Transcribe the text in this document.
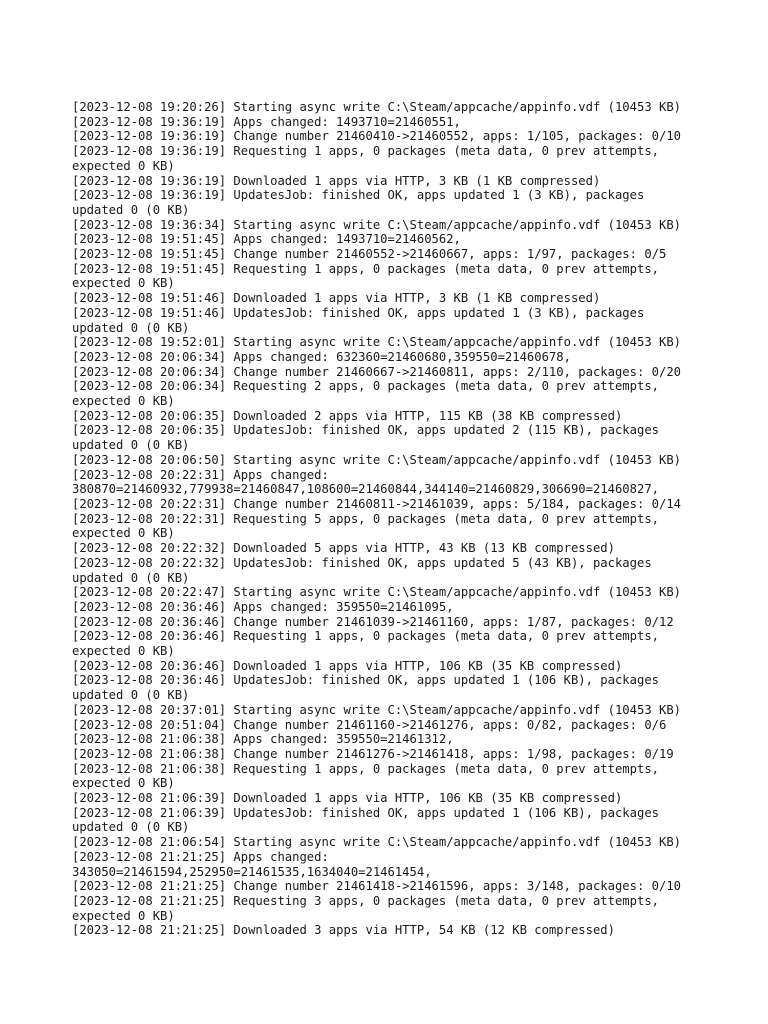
[2023-12-08 19:20:26] Starting async write C:\Steam/appcache/appinfo.vdf (10453 KB)
[2023-12-08 19:36:19] Apps changed: 1493710=21460551,
[2023-12-08 19:36:19] Change number 21460410->21460552, apps: 1/105, packages: 0/10
[2023-12-08 19:36:19] Requesting 1 apps, 0 packages (meta data, 0 prev attempts,
expected 0 KB)
[2023-12-08 19:36:19] Downloaded 1 apps via HTTP, 3 KB (1 KB compressed)
[2023-12-08 19:36:19] UpdatesJob: finished OK, apps updated 1 (3 KB), packages
updated 0 (0 KB)
[2023-12-08 19:36:34] Starting async write C:\Steam/appcache/appinfo.vdf (10453 KB)
[2023-12-08 19:51:45] Apps changed: 1493710=21460562,
[2023-12-08 19:51:45] Change number 21460552->21460667, apps: 1/97, packages: 0/5
[2023-12-08 19:51:45] Requesting 1 apps, 0 packages (meta data, 0 prev attempts,
expected 0 KB)
[2023-12-08 19:51:46] Downloaded 1 apps via HTTP, 3 KB (1 KB compressed)
[2023-12-08 19:51:46] UpdatesJob: finished OK, apps updated 1 (3 KB), packages
updated 0 (0 KB)
[2023-12-08 19:52:01] Starting async write C:\Steam/appcache/appinfo.vdf (10453 KB)
[2023-12-08 20:06:34] Apps changed: 632360=21460680,359550=21460678,
[2023-12-08 20:06:34] Change number 21460667->21460811, apps: 2/110, packages: 0/20
[2023-12-08 20:06:34] Requesting 2 apps, 0 packages (meta data, 0 prev attempts,
expected 0 KB)
[2023-12-08 20:06:35] Downloaded 2 apps via HTTP, 115 KB (38 KB compressed)
[2023-12-08 20:06:35] UpdatesJob: finished OK, apps updated 2 (115 KB), packages
updated 0 (0 KB)
[2023-12-08 20:06:50] Starting async write C:\Steam/appcache/appinfo.vdf (10453 KB)
[2023-12-08 20:22:31] Apps changed:
380870=21460932,779938=21460847,108600=21460844,344140=21460829,306690=21460827,
[2023-12-08 20:22:31] Change number 21460811->21461039, apps: 5/184, packages: 0/14
[2023-12-08 20:22:31] Requesting 5 apps, 0 packages (meta data, 0 prev attempts,
expected 0 KB)
[2023-12-08 20:22:32] Downloaded 5 apps via HTTP, 43 KB (13 KB compressed)
[2023-12-08 20:22:32] UpdatesJob: finished OK, apps updated 5 (43 KB), packages
updated 0 (0 KB)
[2023-12-08 20:22:47] Starting async write C:\Steam/appcache/appinfo.vdf (10453 KB)
[2023-12-08 20:36:46] Apps changed: 359550=21461095,
[2023-12-08 20:36:46] Change number 21461039->21461160, apps: 1/87, packages: 0/12
[2023-12-08 20:36:46] Requesting 1 apps, 0 packages (meta data, 0 prev attempts,
expected 0 KB)
[2023-12-08 20:36:46] Downloaded 1 apps via HTTP, 106 KB (35 KB compressed)
[2023-12-08 20:36:46] UpdatesJob: finished OK, apps updated 1 (106 KB), packages
updated 0 (0 KB)
[2023-12-08 20:37:01] Starting async write C:\Steam/appcache/appinfo.vdf (10453 KB)
[2023-12-08 20:51:04] Change number 21461160->21461276, apps: 0/82, packages: 0/6
[2023-12-08 21:06:38] Apps changed: 359550=21461312,
[2023-12-08 21:06:38] Change number 21461276->21461418, apps: 1/98, packages: 0/19
[2023-12-08 21:06:38] Requesting 1 apps, 0 packages (meta data, 0 prev attempts,
expected 0 KB)
[2023-12-08 21:06:39] Downloaded 1 apps via HTTP, 106 KB (35 KB compressed)
[2023-12-08 21:06:39] UpdatesJob: finished OK, apps updated 1 (106 KB), packages
updated 0 (0 KB)
[2023-12-08 21:06:54] Starting async write C:\Steam/appcache/appinfo.vdf (10453 KB)
[2023-12-08 21:21:25] Apps changed:
343050=21461594,252950=21461535,1634040=21461454,
[2023-12-08 21:21:25] Change number 21461418->21461596, apps: 3/148, packages: 0/10
[2023-12-08 21:21:25] Requesting 3 apps, 0 packages (meta data, 0 prev attempts,
expected 0 KB)
[2023-12-08 21:21:25] Downloaded 3 apps via HTTP, 54 KB (12 KB compressed)
